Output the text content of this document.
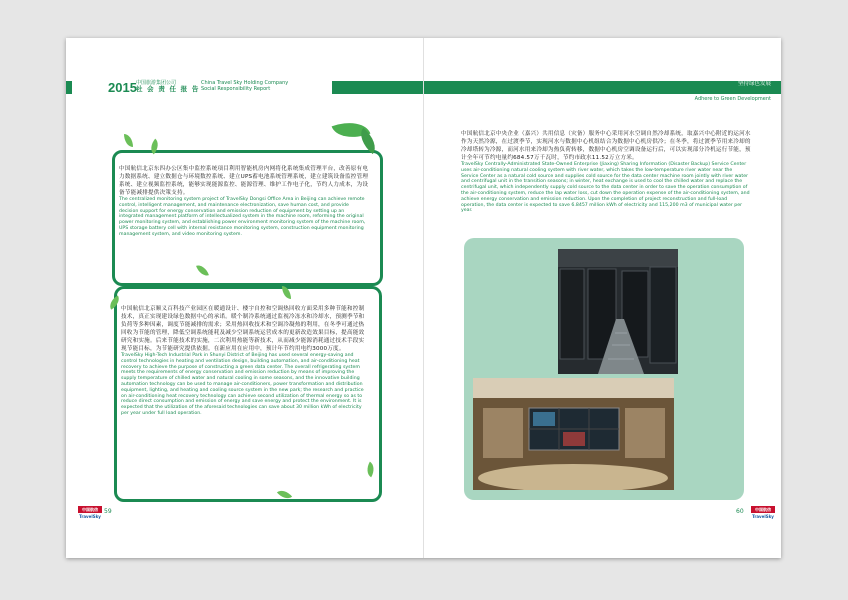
2015 中国旅游集团公司
社 会 责 任 报 告
China Travel Sky Holding Company
Social Responsibility Report
坚持绿色发展
Adhere to Green Development
中国航信北京东四办公区集中监控系统项目利用智能机房内网将化系统集成管理平台，改善原有电力数据系统、建立数据仓与环境数控系统、建立UPS蓄电池系统管理系统，建立建筑设备监控管理系统、建立视频监控系统，能够实现能源监控、能源管理、维护工作电子化，节约人力成本，为设备节能减排提供决策支持。
The centralized monitoring system project of TravelSky Dongsi Office Area in Beijing can achieve remote control, intelligent management, and maintenance electronization, save human cost, and provide decision support for energy conservation and emission reduction of equipment by setting up an integrated management platform of intellectualized system in the machine room, reforming the original power monitoring system, and establishing power environment monitoring system of the machine room, UPS storage battery cell with internal resistance monitoring system, construction equipment monitoring management system, and video monitoring system.
中国航信北京顺义百科技产业园区在暖通设计、楼宇自控和空调热回收方面采用多种节能和控制技术，真正实现建设绿色数据中心的承诺。暖个制冷系统通过监视冷冻水和冷却水，预测季节和负荷等多种因素，调度节能减排的需求；采用热回收技术和空调冷凝热的利用，在冬季可通过热回收为节能的管理，降低空调系统能耗及减少空调系统运营成本的更新改造效果目标，提高能效研究和实施。后来节能技术的实施，二次利用热能等新技术，从而减少能源消耗通过技术手段实现节能目标，为节能研究提供依据。在新应用在应用中，预计年节约用电约3000万度。
TravelSky High-Tech Industrial Park in Shunyi District of Beijing has used several energy-saving and control technologies in heating and ventilation design, building automation, and air-conditioning heat recovery to achieve the purpose of constructing a green data center. The overall refrigerating system meets the requirements of energy conservation and emission reduction by means of improving the supply temperature of chilled water and natural cooling in some seasons, and the innovative building automation technology can be used to manage air-conditioners, power transformation and distribution equipment, lighting, and heating and cooling source system in the new park; the research and practice on air-conditioning heat recovery technology can achieve second utilization of thermal energy so as to reduce direct consumption and emission of energy and save energy and protect the environment. It is expected that the utilization of the aforesaid technologies can save about 30 million kWh of electricity per year under full load operation.
中国航信
TravelSky
59
中国航信北京中央企业（嘉兴）共用信息（灾备）服务中心采用河水空调自然冷却系统，取嘉兴中心附近的运河水作为天然冷源，在过渡季节，实现河水与数据中心机组结合为数据中心机房供冷；在冬季，将过渡季节用来冷却的冷却塔转为冷源，而河水用来冷却为热负荷转移，数据中心机房空调设备运行后，可以实现部分冷机运行节能，预计全年可节约电量约684.57万千瓦时，节约市政水11.52万立方米。
TravelSky Centrally-Administrated State-Owned Enterprise (Jiaxing) Sharing Information (Disaster Backup) Service Center uses air-conditioning natural cooling system with river water, which takes the low-temperature river water near the Service Center as a natural cold source and supplies cold source for the data center machine room jointly with river water and centrifugal unit in the transition seasons; in winter, heat exchange is used to cool the chilled water and replace the centrifugal unit, which independently supply cold source to the data center in order to save the operation consumption of the air-conditioning system, reduce the lap water loss, cut down the operation expense of the air-conditioning system, and achieve energy conservation and emission reduction. Upon the completion of project reconstruction and full-load operation, the data center is expected to save 6.8457 million kWh of electricity and 115,200 m3 of municipal water per year.
60	中国航信
TravelSky
